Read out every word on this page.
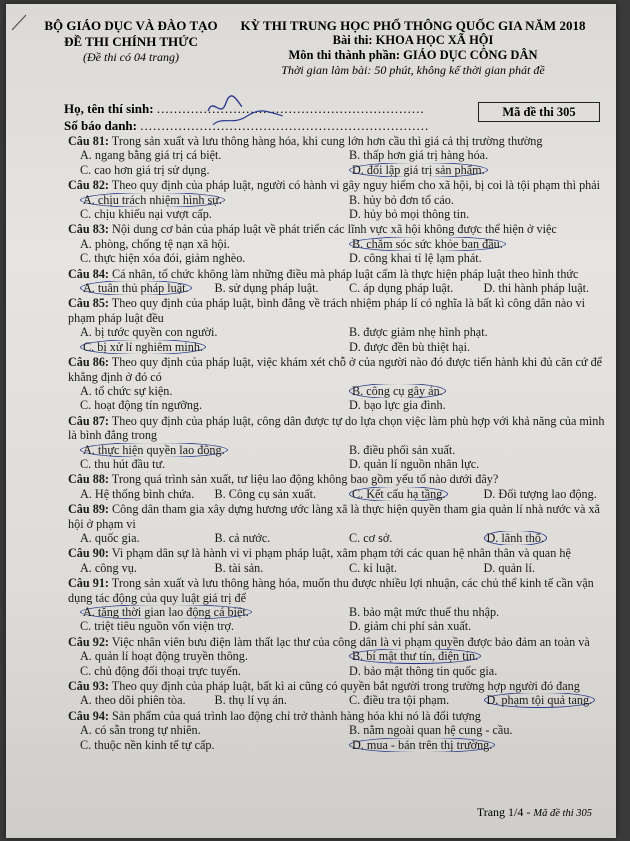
BỘ GIÁO DỤC VÀ ĐÀO TẠO
ĐỀ THI CHÍNH THỨC
(Đề thi có 04 trang)
KỲ THI TRUNG HỌC PHỔ THÔNG QUỐC GIA NĂM 2018
Bài thi: KHOA HỌC XÃ HỘI
Môn thi thành phần: GIÁO DỤC CÔNG DÂN
Thời gian làm bài: 50 phút, không kể thời gian phát đề
Họ, tên thí sinh: ...............................................................
Số báo danh: ....................................................................
Mã đề thi 305
Câu 81: Trong sản xuất và lưu thông hàng hóa, khi cung lớn hơn cầu thì giá cả thị trường thường
A. ngang bằng giá trị cá biệt.	B. thấp hơn giá trị hàng hóa.
C. cao hơn giá trị sử dụng.	D. đối lập giá trị sản phẩm.
Câu 82: Theo quy định của pháp luật, người có hành vi gây nguy hiểm cho xã hội, bị coi là tội phạm thì phải
A. chịu trách nhiệm hình sự.	B. hủy bỏ đơn tố cáo.
C. chịu khiếu nại vượt cấp.	D. hủy bỏ mọi thông tin.
Câu 83: Nội dung cơ bản của pháp luật về phát triển các lĩnh vực xã hội không được thể hiện ở việc
A. phòng, chống tệ nạn xã hội.	B. chăm sóc sức khỏe ban đầu.
C. thực hiện xóa đói, giảm nghèo.	D. công khai tỉ lệ lạm phát.
Câu 84: Cá nhân, tổ chức không làm những điều mà pháp luật cấm là thực hiện pháp luật theo hình thức
A. tuân thủ pháp luật.	B. sử dụng pháp luật.	C. áp dụng pháp luật.	D. thi hành pháp luật.
Câu 85: Theo quy định của pháp luật, bình đẳng về trách nhiệm pháp lí có nghĩa là bất kì công dân nào vi phạm pháp luật đều
A. bị tước quyền con người.	B. được giảm nhẹ hình phạt.
C. bị xử lí nghiêm minh.	D. được đền bù thiệt hại.
Câu 86: Theo quy định của pháp luật, việc khám xét chỗ ở của người nào đó được tiến hành khi đủ căn cứ để khẳng định ở đó có
A. tổ chức sự kiện.	B. công cụ gây án.
C. hoạt động tín ngưỡng.	D. bạo lực gia đình.
Câu 87: Theo quy định của pháp luật, công dân được tự do lựa chọn việc làm phù hợp với khả năng của mình là bình đẳng trong
A. thực hiện quyền lao động.	B. điều phối sản xuất.
C. thu hút đầu tư.	D. quản lí nguồn nhân lực.
Câu 88: Trong quá trình sản xuất, tư liệu lao động không bao gồm yếu tố nào dưới đây?
A. Hệ thống bình chứa.	B. Công cụ sản xuất.	C. Kết cấu hạ tầng.	D. Đối tượng lao động.
Câu 89: Công dân tham gia xây dựng hương ước làng xã là thực hiện quyền tham gia quản lí nhà nước và xã hội ở phạm vi
A. quốc gia.	B. cả nước.	C. cơ sở.	D. lãnh thổ.
Câu 90: Vi phạm dân sự là hành vi vi phạm pháp luật, xâm phạm tới các quan hệ nhân thân và quan hệ
A. công vụ.	B. tài sản.	C. kỉ luật.	D. quản lí.
Câu 91: Trong sản xuất và lưu thông hàng hóa, muốn thu được nhiều lợi nhuận, các chủ thể kinh tế cần vận dụng tác động của quy luật giá trị để
A. tăng thời gian lao động cá biệt.	B. bảo mật mức thuế thu nhập.
C. triệt tiêu nguồn vốn viện trợ.	D. giảm chi phí sản xuất.
Câu 92: Việc nhân viên bưu điện làm thất lạc thư của công dân là vi phạm quyền được bảo đảm an toàn và
A. quản lí hoạt động truyền thông.	B. bí mật thư tín, điện tín.
C. chủ động đối thoại trực tuyến.	D. bảo mật thông tin quốc gia.
Câu 93: Theo quy định của pháp luật, bất kì ai cũng có quyền bắt người trong trường hợp người đó đang
A. theo dõi phiên tòa.	B. thụ lí vụ án.	C. điều tra tội phạm.	D. phạm tội quả tang.
Câu 94: Sản phẩm của quá trình lao động chỉ trở thành hàng hóa khi nó là đối tượng
A. có sẵn trong tự nhiên.	B. nằm ngoài quan hệ cung - cầu.
C. thuộc nền kinh tế tự cấp.	D. mua - bán trên thị trường.
Trang 1/4 - Mã đề thi 305
